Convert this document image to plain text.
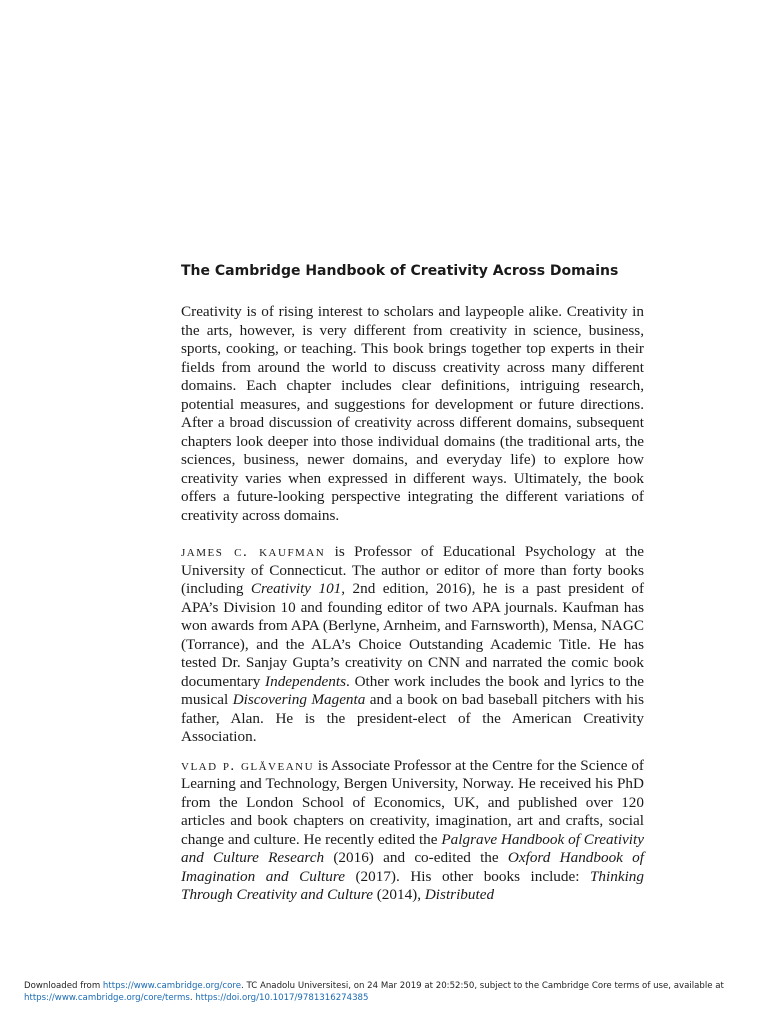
The Cambridge Handbook of Creativity Across Domains

Creativity is of rising interest to scholars and laypeople alike. Creativity in the arts, however, is very different from creativity in science, business, sports, cooking, or teaching. This book brings together top experts in their fields from around the world to discuss creativity across many different domains. Each chapter includes clear definitions, intriguing research, potential measures, and suggestions for development or future directions. After a broad discussion of creativity across different domains, subsequent chapters look deeper into those individual domains (the traditional arts, the sciences, business, newer domains, and everyday life) to explore how creativity varies when expressed in different ways. Ultimately, the book offers a future-looking perspective integrating the different variations of creativity across domains.

james c. kaufman is Professor of Educational Psychology at the University of Connecticut. The author or editor of more than forty books (including Creativity 101, 2nd edition, 2016), he is a past president of APA’s Division 10 and founding editor of two APA journals. Kaufman has won awards from APA (Berlyne, Arnheim, and Farnsworth), Mensa, NAGC (Torrance), and the ALA’s Choice Outstanding Academic Title. He has tested Dr. Sanjay Gupta’s creativity on CNN and narrated the comic book documentary Independents. Other work includes the book and lyrics to the musical Discovering Magenta and a book on bad baseball pitchers with his father, Alan. He is the president-elect of the American Creativity Association.

vlad p. glăveanu is Associate Professor at the Centre for the Science of Learning and Technology, Bergen University, Norway. He received his PhD from the London School of Economics, UK, and published over 120 articles and book chapters on creativity, imagination, art and crafts, social change and culture. He recently edited the Palgrave Handbook of Creativity and Culture Research (2016) and co-edited the Oxford Handbook of Imagination and Culture (2017). His other books include: Thinking Through Creativity and Culture (2014), Distributed

Downloaded from https://www.cambridge.org/core. TC Anadolu Universitesi, on 24 Mar 2019 at 20:52:50, subject to the Cambridge Core terms of use, available at
https://www.cambridge.org/core/terms. https://doi.org/10.1017/9781316274385
